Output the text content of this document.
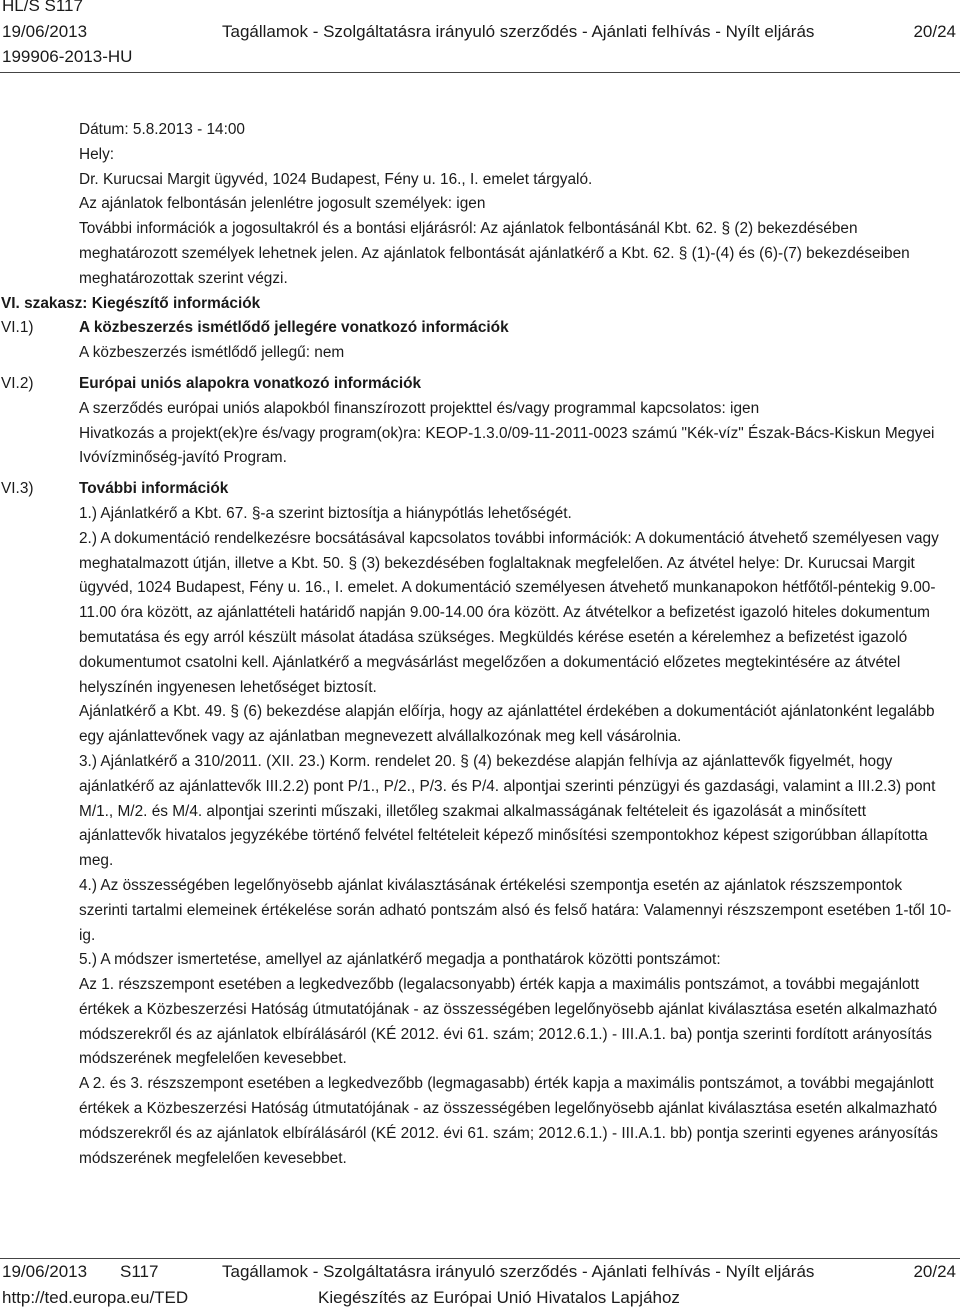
HL/S S117
19/06/2013
199906-2013-HU
Tagállamok - Szolgáltatásra irányuló szerződés - Ajánlati felhívás - Nyílt eljárás	20/24
Dátum: 5.8.2013 - 14:00
Hely:
Dr. Kurucsai Margit ügyvéd, 1024 Budapest, Fény u. 16., I. emelet tárgyaló.
Az ajánlatok felbontásán jelenlétre jogosult személyek: igen
További információk a jogosultakról és a bontási eljárásról: Az ajánlatok felbontásánál Kbt. 62. § (2) bekezdésében meghatározott személyek lehetnek jelen. Az ajánlatok felbontását ajánlatkérő a Kbt. 62. § (1)-(4) és (6)-(7) bekezdéseiben meghatározottak szerint végzi.
VI. szakasz: Kiegészítő információk
VI.1)	A közbeszerzés ismétlődő jellegére vonatkozó információk
A közbeszerzés ismétlődő jellegű: nem
VI.2)	Európai uniós alapokra vonatkozó információk
A szerződés európai uniós alapokból finanszírozott projekttel és/vagy programmal kapcsolatos: igen
Hivatkozás a projekt(ek)re és/vagy program(ok)ra: KEOP-1.3.0/09-11-2011-0023 számú "Kék-víz" Észak-Bács-Kiskun Megyei Ivóvízminőség-javító Program.
VI.3)	További információk
1.) Ajánlatkérő a Kbt. 67. §-a szerint biztosítja a hiánypótlás lehetőségét.
2.) A dokumentáció rendelkezésre bocsátásával kapcsolatos további információk: A dokumentáció átvehető személyesen vagy meghatalmazott útján, illetve a Kbt. 50. § (3) bekezdésében foglaltaknak megfelelően. Az átvétel helye: Dr. Kurucsai Margit ügyvéd, 1024 Budapest, Fény u. 16., I. emelet. A dokumentáció személyesen átvehető munkanapokon hétfőtől-péntekig 9.00-11.00 óra között, az ajánlattételi határidő napján 9.00-14.00 óra között. Az átvételkor a befizetést igazoló hiteles dokumentum bemutatása és egy arról készült másolat átadása szükséges. Megküldés kérése esetén a kérelemhez a befizetést igazoló dokumentumot csatolni kell. Ajánlatkérő a megvásárlást megelőzően a dokumentáció előzetes megtekintésére az átvétel helyszínén ingyenesen lehetőséget biztosít.
Ajánlatkérő a Kbt. 49. § (6) bekezdése alapján előírja, hogy az ajánlattétel érdekében a dokumentációt ajánlatonként legalább egy ajánlattevőnek vagy az ajánlatban megnevezett alvállalkozónak meg kell vásárolnia.
3.) Ajánlatkérő a 310/2011. (XII. 23.) Korm. rendelet 20. § (4) bekezdése alapján felhívja az ajánlattevők figyelmét, hogy ajánlatkérő az ajánlattevők III.2.2) pont P/1., P/2., P/3. és P/4. alpontjai szerinti pénzügyi és gazdasági, valamint a III.2.3) pont M/1., M/2. és M/4. alpontjai szerinti műszaki, illetőleg szakmai alkalmasságának feltételeit és igazolását a minősített ajánlattevők hivatalos jegyzékébe történő felvétel feltételeit képező minősítési szempontokhoz képest szigorúbban állapította meg.
4.) Az összességében legelőnyösebb ajánlat kiválasztásának értékelési szempontja esetén az ajánlatok részszempontok szerinti tartalmi elemeinek értékelése során adható pontszám alsó és felső határa: Valamennyi részszempont esetében 1-től 10-ig.
5.) A módszer ismertetése, amellyel az ajánlatkérő megadja a ponthatárok közötti pontszámot:
Az 1. részszempont esetében a legkedvezőbb (legalacsonyabb) érték kapja a maximális pontszámot, a további megajánlott értékek a Közbeszerzési Hatóság útmutatójának - az összességében legelőnyösebb ajánlat kiválasztása esetén alkalmazható módszerekről és az ajánlatok elbírálásáról (KÉ 2012. évi 61. szám; 2012.6.1.) - III.A.1. ba) pontja szerinti fordított arányosítás módszerének megfelelően kevesebbet.
A 2. és 3. részszempont esetében a legkedvezőbb (legmagasabb) érték kapja a maximális pontszámot, a további megajánlott értékek a Közbeszerzési Hatóság útmutatójának - az összességében legelőnyösebb ajánlat kiválasztása esetén alkalmazható módszerekről és az ajánlatok elbírálásáról (KÉ 2012. évi 61. szám; 2012.6.1.) - III.A.1. bb) pontja szerinti egyenes arányosítás módszerének megfelelően kevesebbet.
19/06/2013 S117	Tagállamok - Szolgáltatásra irányuló szerződés - Ajánlati felhívás - Nyílt eljárás	20/24
http://ted.europa.eu/TED	Kiegészítés az Európai Unió Hivatalos Lapjához
